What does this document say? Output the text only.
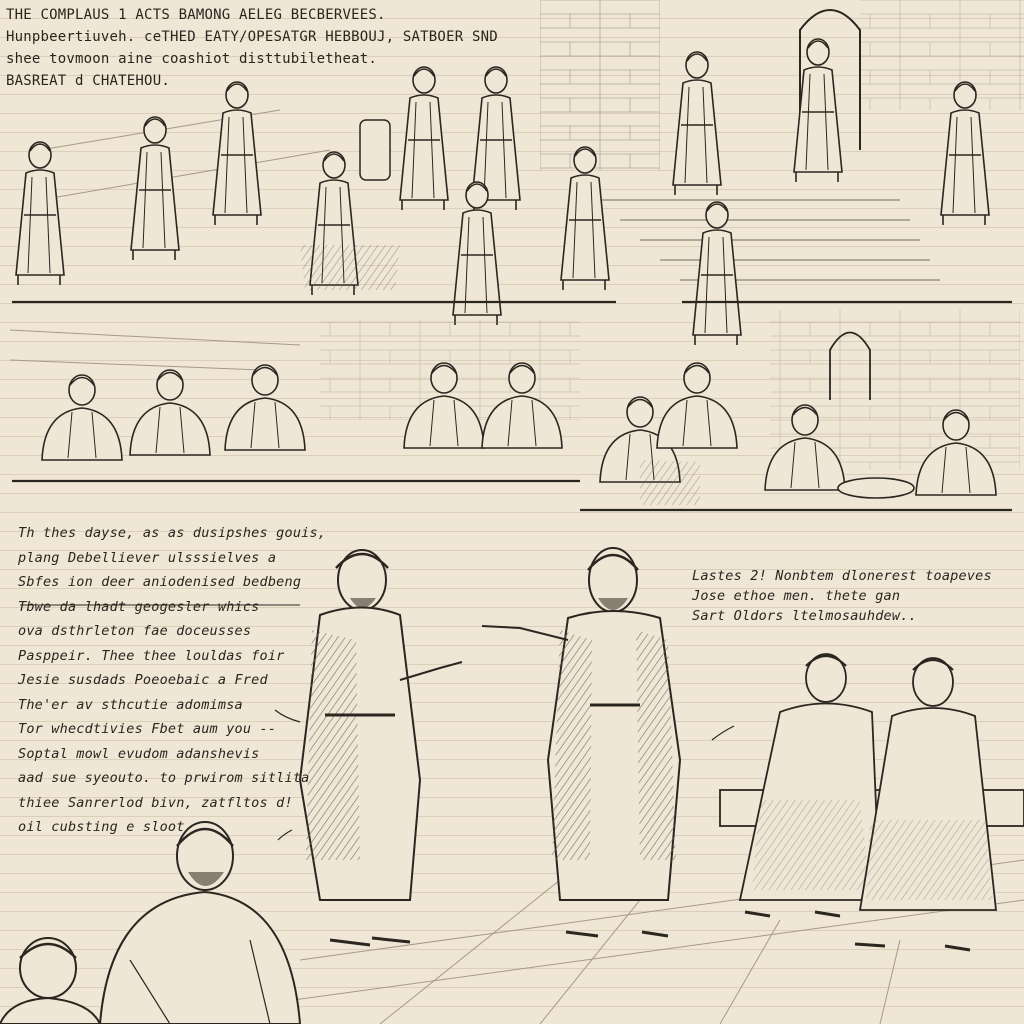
THE COMPLAUS 1 ACTS BAMONG AELEG BECBERVEES.
Hunpbeertiuveh. ceTHED EATY/OPESATGR HEBBOUJ, SATBOER SND
shee tovmoon aine coashiot disttubiletheat.
BASREAT d CHATEHOU.
Th thes dayse, as as dusipshes gouis,
plang Debelliever ulsssielves a
Sbfes ion deer aniodenised bedbeng
Tbwe da lhadt geogesler whics
ova dsthrleton fae doceusses
Pasppeir. Thee thee louldas foir
Jesie susdads Poeoebaic a Fred
The'er av sthcutie adomimsa
Tor whecdtivies Fbet aum you --
Soptal mowl evudom adanshevis
aad sue syeouto. to prwirom sitlita
thiee Sanrerlod bivn, zatfltos d!
oil cubsting e sloot
Lastes 2! Nonbtem dlonerest toapeves
Jose ethoe men. thete gan
Sart Oldors ltelmosauhdew..
